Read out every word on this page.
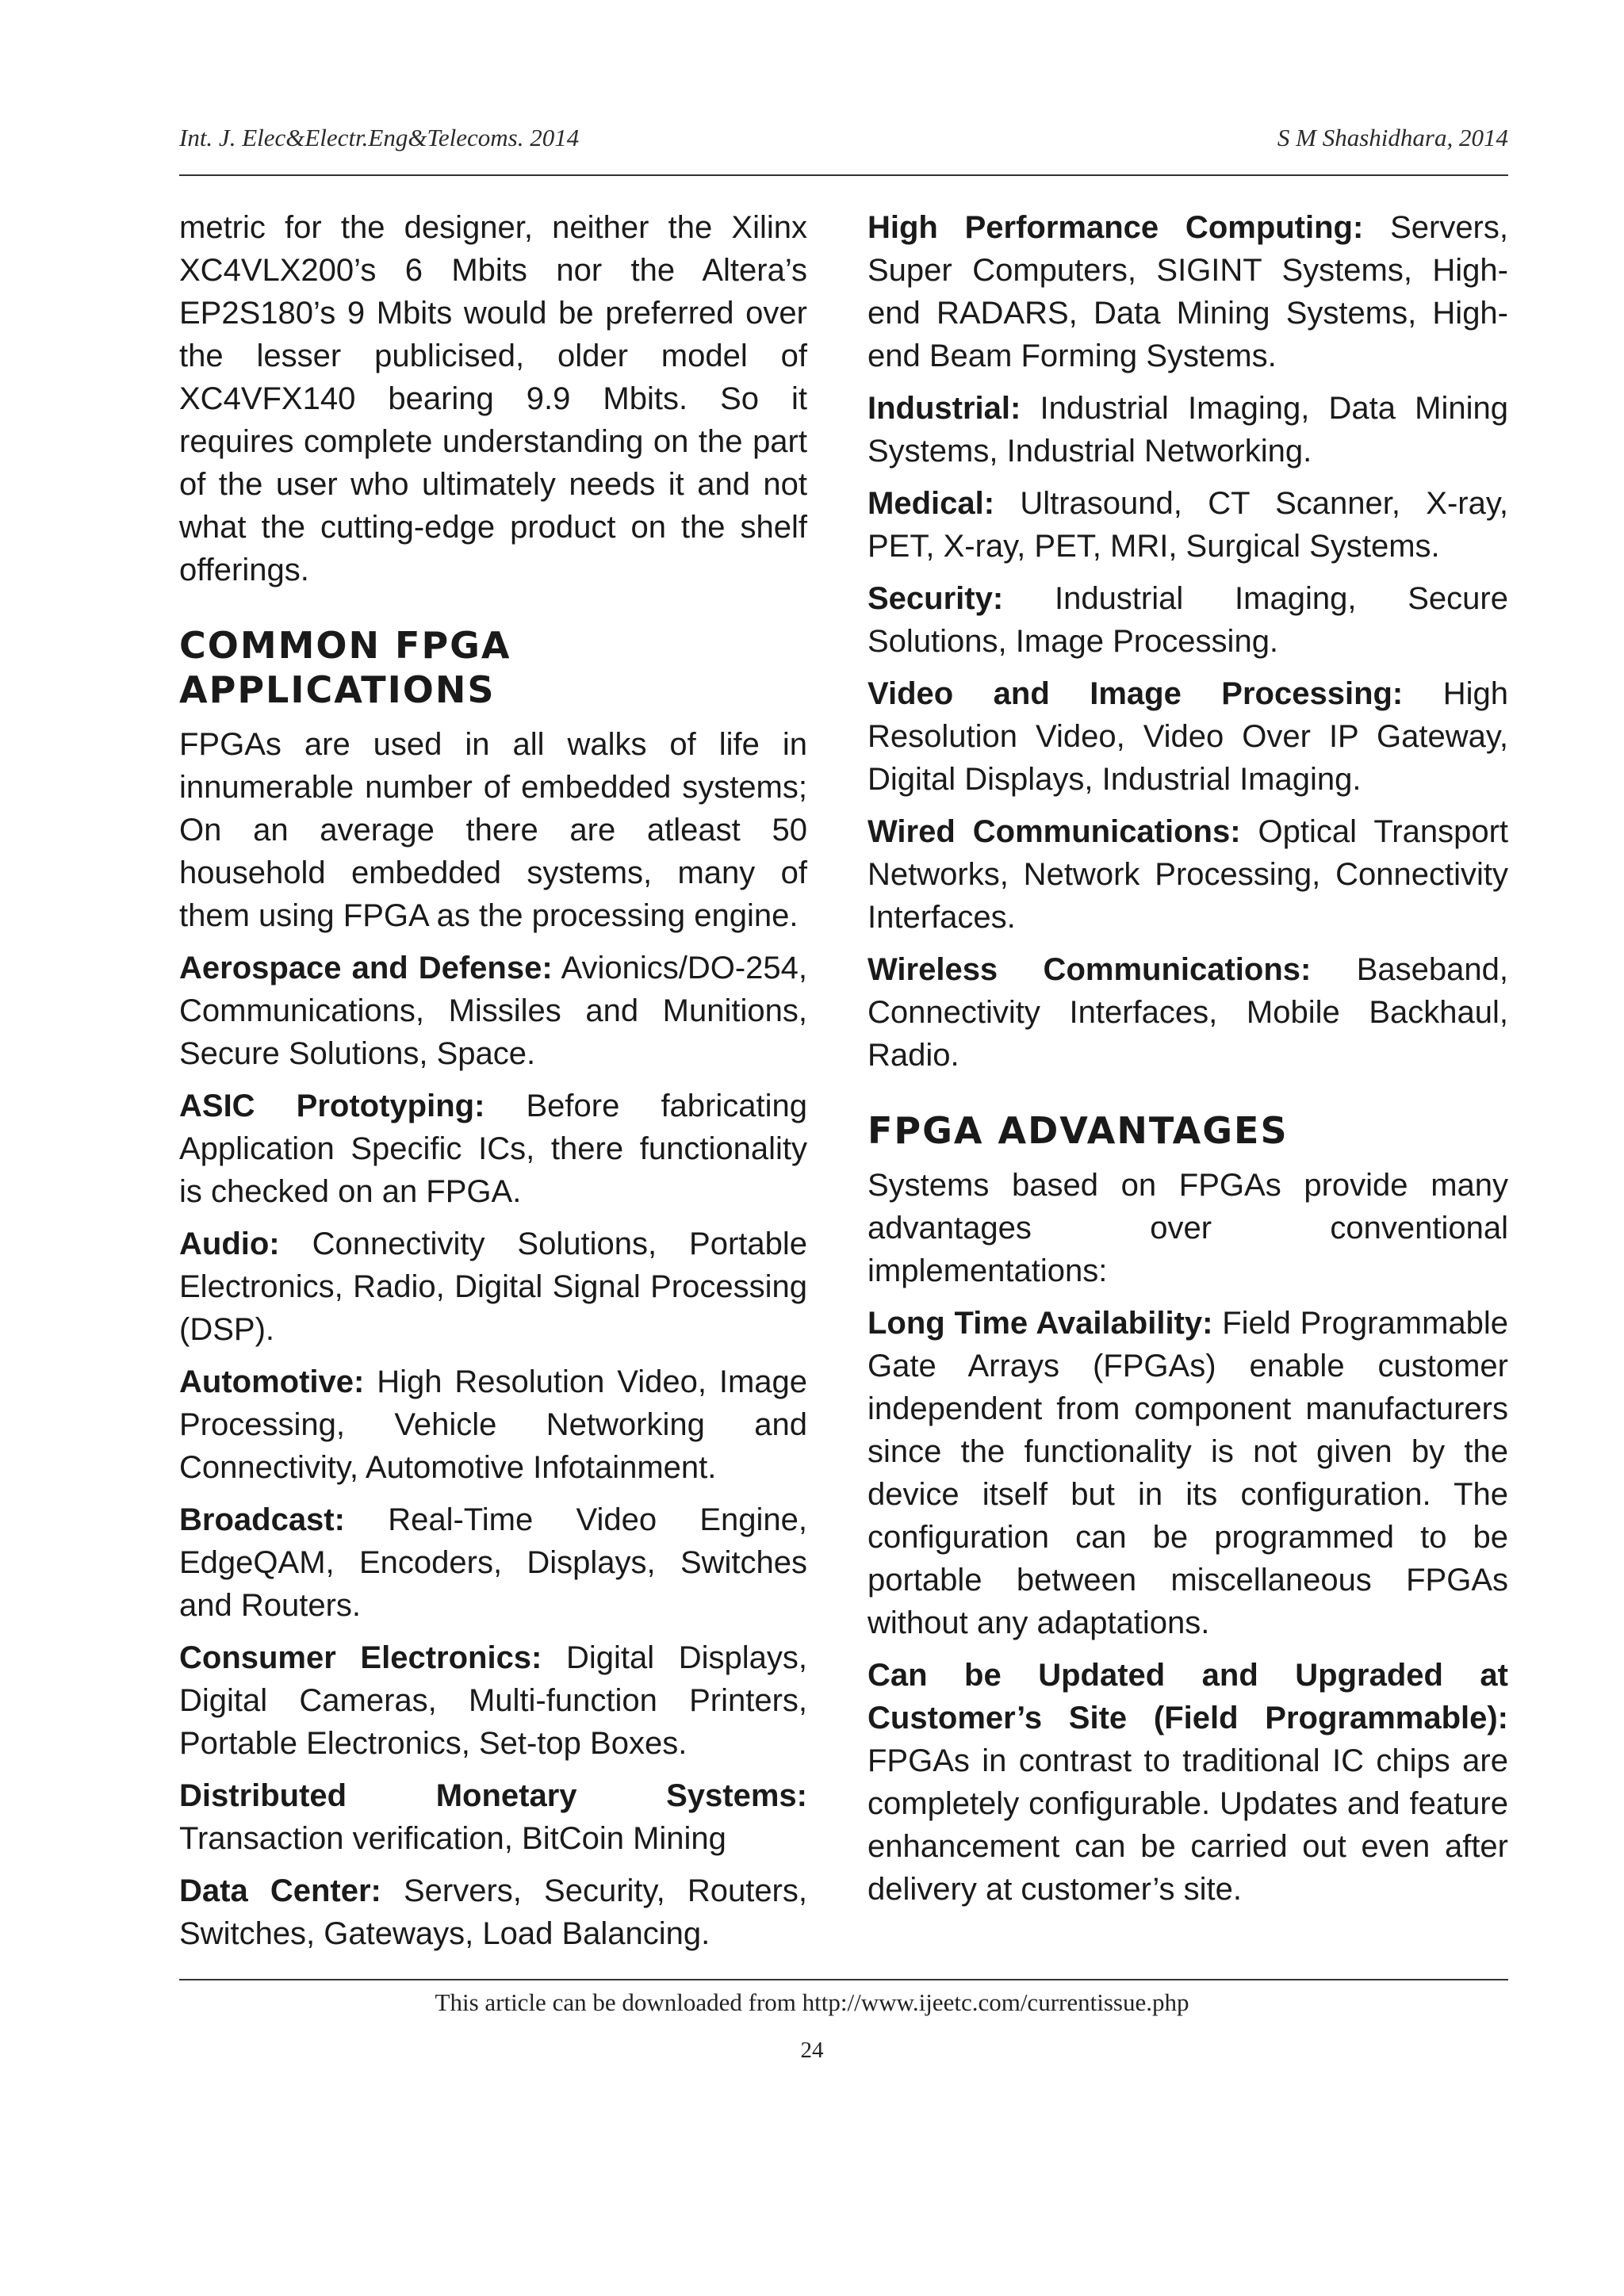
Int. J. Elec&Electr.Eng&Telecoms. 2014	S M Shashidhara, 2014

metric for the designer, neither the Xilinx XC4VLX200’s 6 Mbits nor the Altera’s EP2S180’s 9 Mbits would be preferred over the lesser publicised, older model of XC4VFX140 bearing 9.9 Mbits. So it requires complete understanding on the part of the user who ultimately needs it and not what the cutting-edge product on the shelf offerings.

COMMON FPGA APPLICATIONS

FPGAs are used in all walks of life in innumerable number of embedded systems; On an average there are atleast 50 household embedded systems, many of them using FPGA as the processing engine.

Aerospace and Defense: Avionics/DO-254, Communications, Missiles and Munitions, Secure Solutions, Space.

ASIC Prototyping: Before fabricating Application Specific ICs, there functionality is checked on an FPGA.

Audio: Connectivity Solutions, Portable Electronics, Radio, Digital Signal Processing (DSP).

Automotive: High Resolution Video, Image Processing, Vehicle Networking and Connectivity, Automotive Infotainment.

Broadcast: Real-Time Video Engine, EdgeQAM, Encoders, Displays, Switches and Routers.

Consumer Electronics: Digital Displays, Digital Cameras, Multi-function Printers, Portable Electronics, Set-top Boxes.

Distributed Monetary Systems: Transaction verification, BitCoin Mining

Data Center: Servers, Security, Routers, Switches, Gateways, Load Balancing.

High Performance Computing: Servers, Super Computers, SIGINT Systems, High-end RADARS, Data Mining Systems, High-end Beam Forming Systems.

Industrial: Industrial Imaging, Data Mining Systems, Industrial Networking.

Medical: Ultrasound, CT Scanner, X-ray, PET, X-ray, PET, MRI, Surgical Systems.

Security: Industrial Imaging, Secure Solutions, Image Processing.

Video and Image Processing: High Resolution Video, Video Over IP Gateway, Digital Displays, Industrial Imaging.

Wired Communications: Optical Transport Networks, Network Processing, Connectivity Interfaces.

Wireless Communications: Baseband, Connectivity Interfaces, Mobile Backhaul, Radio.

FPGA ADVANTAGES

Systems based on FPGAs provide many advantages over conventional implementations:

Long Time Availability: Field Programmable Gate Arrays (FPGAs) enable customer independent from component manufacturers since the functionality is not given by the device itself but in its configuration. The configuration can be programmed to be portable between miscellaneous FPGAs without any adaptations.

Can be Updated and Upgraded at Customer’s Site (Field Programmable): FPGAs in contrast to traditional IC chips are completely configurable. Updates and feature enhancement can be carried out even after delivery at customer’s site.

This article can be downloaded from http://www.ijeetc.com/currentissue.php
24
